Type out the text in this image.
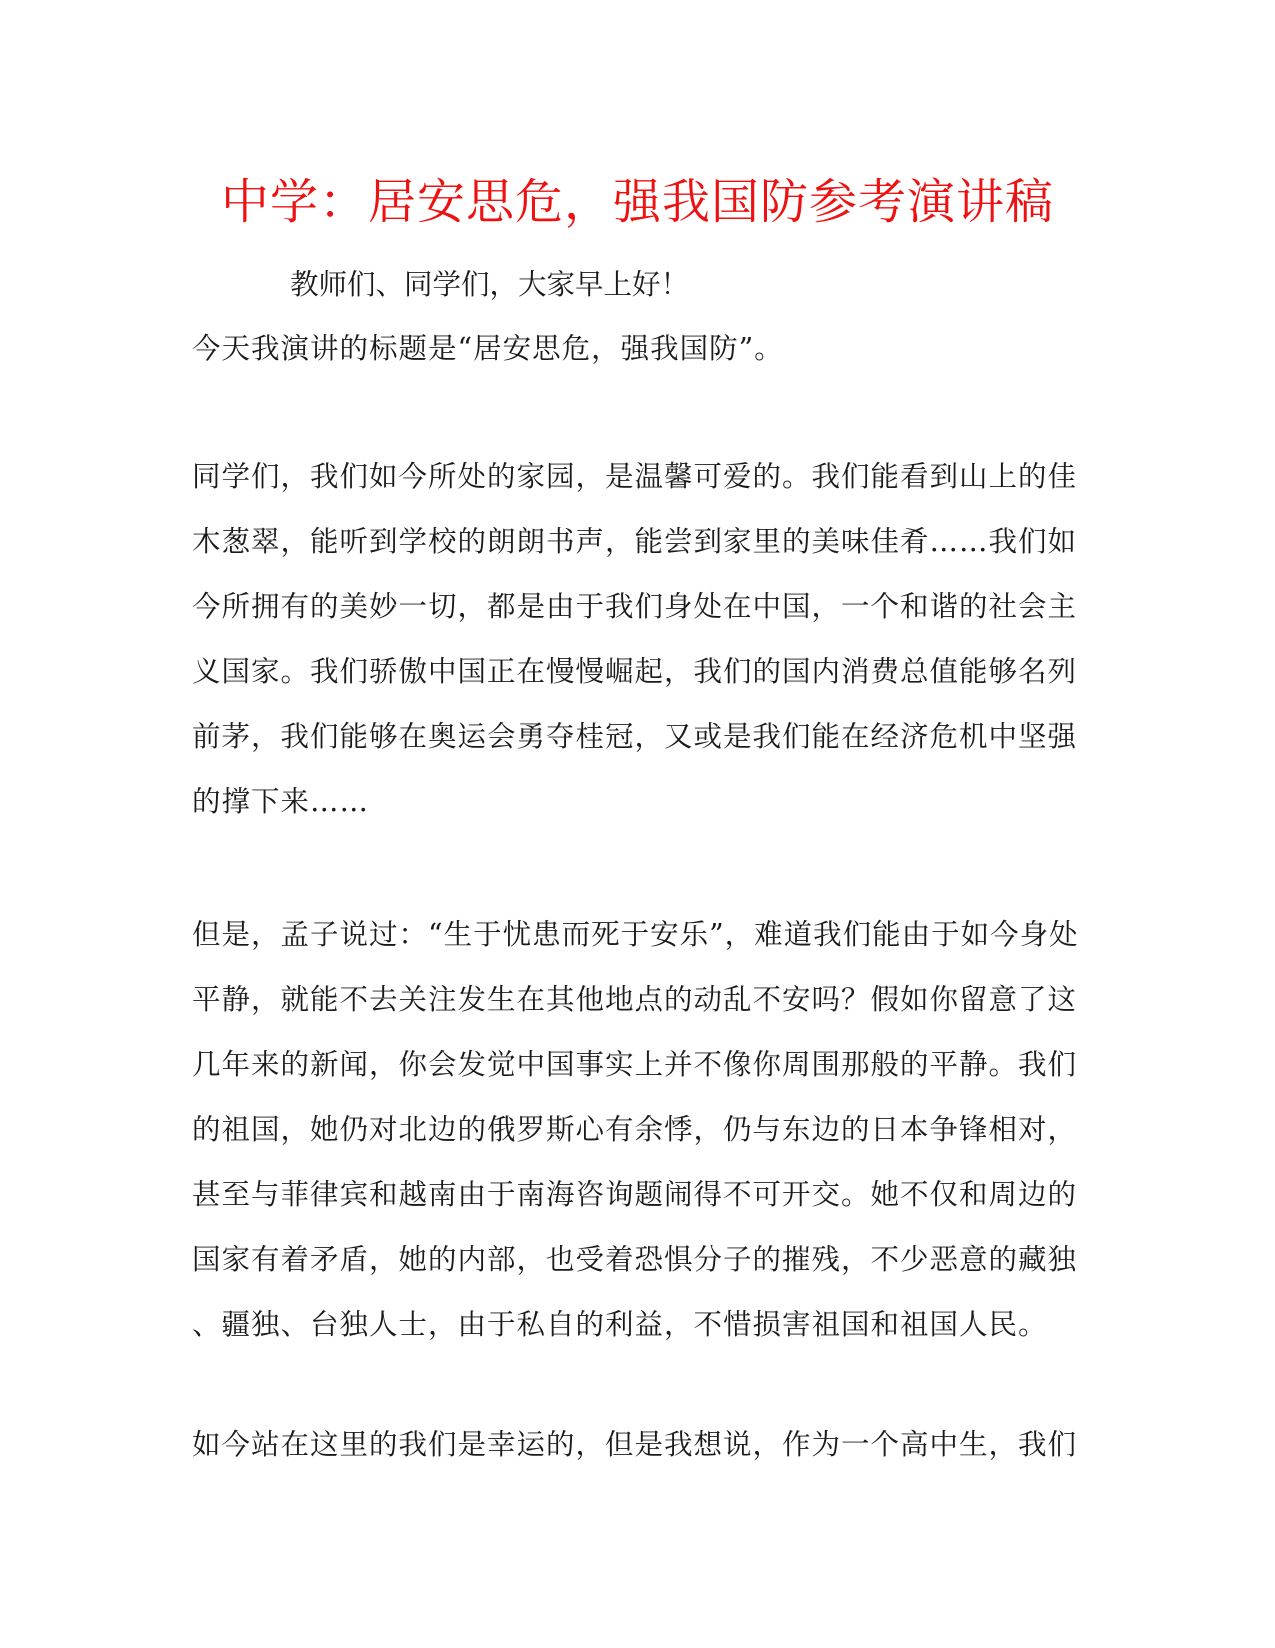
中学：居安思危，强我国防参考演讲稿
教师们、同学们，大家早上好！
今天我演讲的标题是“居安思危，强我国防”。
同学们，我们如今所处的家园，是温馨可爱的。我们能看到山上的佳
木葱翠，能听到学校的朗朗书声，能尝到家里的美味佳肴……我们如
今所拥有的美妙一切，都是由于我们身处在中国，一个和谐的社会主
义国家。我们骄傲中国正在慢慢崛起，我们的国内消费总值能够名列
前茅，我们能够在奥运会勇夺桂冠，又或是我们能在经济危机中坚强
的撑下来……
但是，孟子说过：“生于忧患而死于安乐”，难道我们能由于如今身处
平静，就能不去关注发生在其他地点的动乱不安吗？假如你留意了这
几年来的新闻，你会发觉中国事实上并不像你周围那般的平静。我们
的祖国，她仍对北边的俄罗斯心有余悸，仍与东边的日本争锋相对，
甚至与菲律宾和越南由于南海咨询题闹得不可开交。她不仅和周边的
国家有着矛盾，她的内部，也受着恐惧分子的摧残，不少恶意的藏独
、疆独、台独人士，由于私自的利益，不惜损害祖国和祖国人民。
如今站在这里的我们是幸运的，但是我想说，作为一个高中生，我们
